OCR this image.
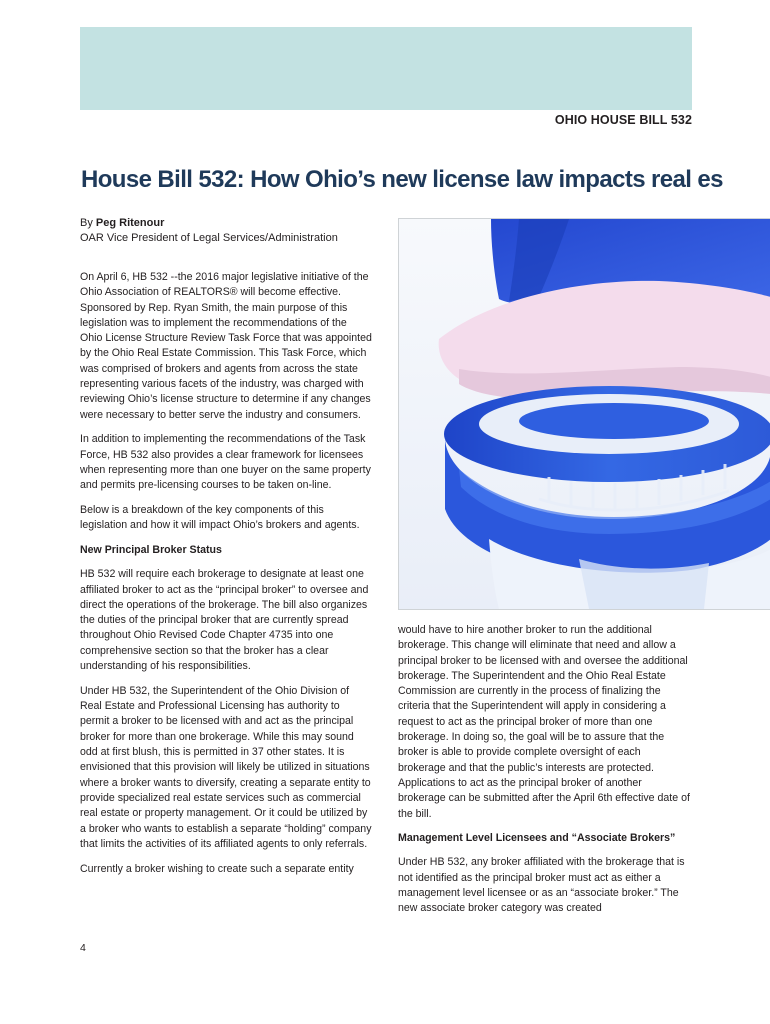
OHIO HOUSE BILL 532
House Bill 532: How Ohio’s new license law impacts real es
By Peg Ritenour
OAR Vice President of Legal Services/Administration

On April 6, HB 532 --the 2016 major legislative initiative of the Ohio Association of REALTORS® will become effective. Sponsored by Rep. Ryan Smith, the main purpose of this legislation was to implement the recommendations of the Ohio License Structure Review Task Force that was appointed by the Ohio Real Estate Commission. This Task Force, which was comprised of brokers and agents from across the state representing various facets of the industry, was charged with reviewing Ohio’s license structure to determine if any changes were necessary to better serve the industry and consumers.

In addition to implementing the recommendations of the Task Force, HB 532 also provides a clear framework for licensees when representing more than one buyer on the same property and permits pre-licensing courses to be taken on-line.

Below is a breakdown of the key components of this legislation and how it will impact Ohio’s brokers and agents.

New Principal Broker Status

HB 532 will require each brokerage to designate at least one affiliated broker to act as the “principal broker” to oversee and direct the operations of the brokerage. The bill also organizes the duties of the principal broker that are currently spread throughout Ohio Revised Code Chapter 4735 into one comprehensive section so that the broker has a clear understanding of his responsibilities.

Under HB 532, the Superintendent of the Ohio Division of Real Estate and Professional Licensing has authority to permit a broker to be licensed with and act as the principal broker for more than one brokerage. While this may sound odd at first blush, this is permitted in 37 other states. It is envisioned that this provision will likely be utilized in situations where a broker wants to diversify, creating a separate entity to provide specialized real estate services such as commercial real estate or property management. Or it could be utilized by a broker who wants to establish a separate “holding” company that limits the activities of its affiliated agents to only referrals.

Currently a broker wishing to create such a separate entity

would have to hire another broker to run the additional brokerage. This change will eliminate that need and allow a principal broker to be licensed with and oversee the additional brokerage. The Superintendent and the Ohio Real Estate Commission are currently in the process of finalizing the criteria that the Superintendent will apply in considering a request to act as the principal broker of more than one brokerage. In doing so, the goal will be to assure that the broker is able to provide complete oversight of each brokerage and that the public’s interests are protected. Applications to act as the principal broker of another brokerage can be submitted after the April 6th effective date of the bill.

Management Level Licensees and “Associate Brokers”

Under HB 532, any broker affiliated with the brokerage that is not identified as the principal broker must act as either a management level licensee or as an “associate broker.” The new associate broker category was created

4
